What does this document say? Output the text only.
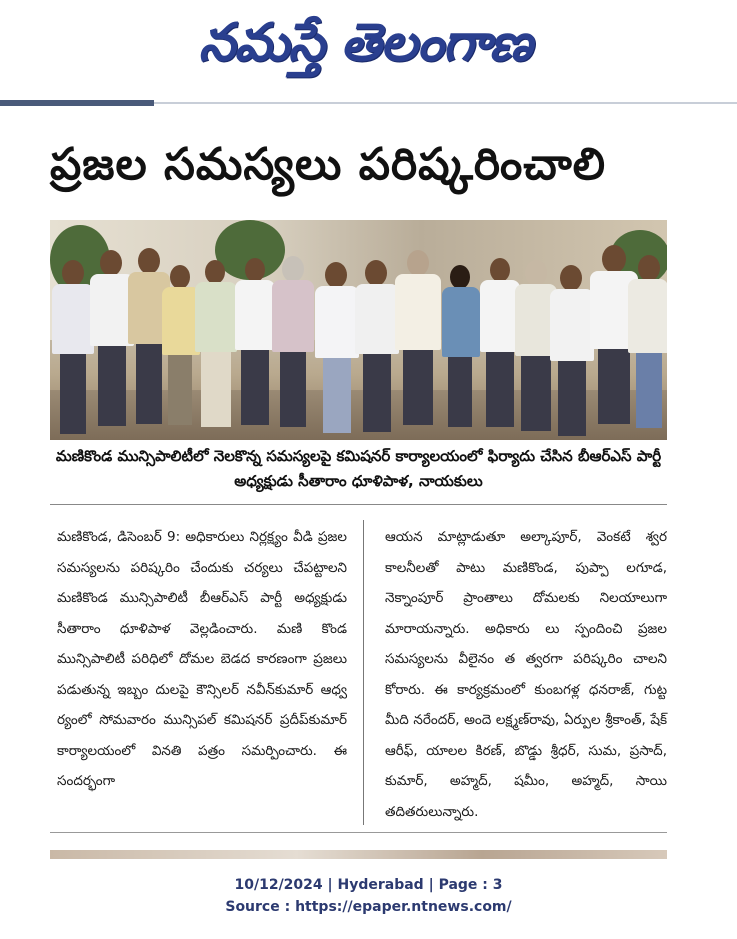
నమస్తే తెలంగాణ
ప్రజల సమస్యలు పరిష్కరించాలి
మణికొండ మున్సిపాలిటీలో నెలకొన్న సమస్యలపై కమిషనర్ కార్యాలయంలో ఫిర్యాదు చేసిన బీఆర్‌ఎస్ పార్టీ అధ్యక్షుడు సీతారాం ధూళిపాళ, నాయకులు
మణికొండ, డిసెంబర్ 9: అధికారులు నిర్లక్ష్యం వీడి ప్రజల సమస్యలను పరిష్కరిం చేందుకు చర్యలు చేపట్టాలని మణికొండ మున్సిపాలిటీ బీఆర్‌ఎస్ పార్టీ అధ్యక్షుడు సీతారాం ధూళిపాళ వెల్లడించారు. మణి కొండ మున్సిపాలిటీ పరిధిలో దోమల బెడద కారణంగా ప్రజలు పడుతున్న ఇబ్బం దులపై కౌన్సిలర్ నవీన్‌కుమార్ ఆధ్వ ర్యంలో సోమవారం మున్సిపల్ కమిషనర్ ప్రదీప్‌కుమార్ కార్యాలయంలో వినతి పత్రం సమర్పించారు. ఈ సందర్భంగా
ఆయన మాట్లాడుతూ అల్కాపూర్, వెంకటే శ్వర కాలనీలతో పాటు మణికొండ, పుప్పా లగూడ, నెక్నాంపూర్ ప్రాంతాలు దోమలకు నిలయాలుగా మారాయన్నారు. అధికారు లు స్పందించి ప్రజల సమస్యలను వీలైనం త త్వరగా పరిష్కరిం చాలని కోరారు. ఈ కార్యక్రమంలో కుంబగళ్ల ధనరాజ్, గుట్ట మీది నరేందర్, అందె లక్ష్మణ్‌రావు, ఏర్పుల శ్రీకాంత్, షేక్ ఆరీఫ్, యాలల కిరణ్, బొడ్డు శ్రీధర్, సుమ, ప్రసాద్, కుమార్, అహ్మద్, షమీం, అహ్మద్, సాయి తదితరులున్నారు.
10/12/2024 | Hyderabad | Page : 3
Source : https://epaper.ntnews.com/
